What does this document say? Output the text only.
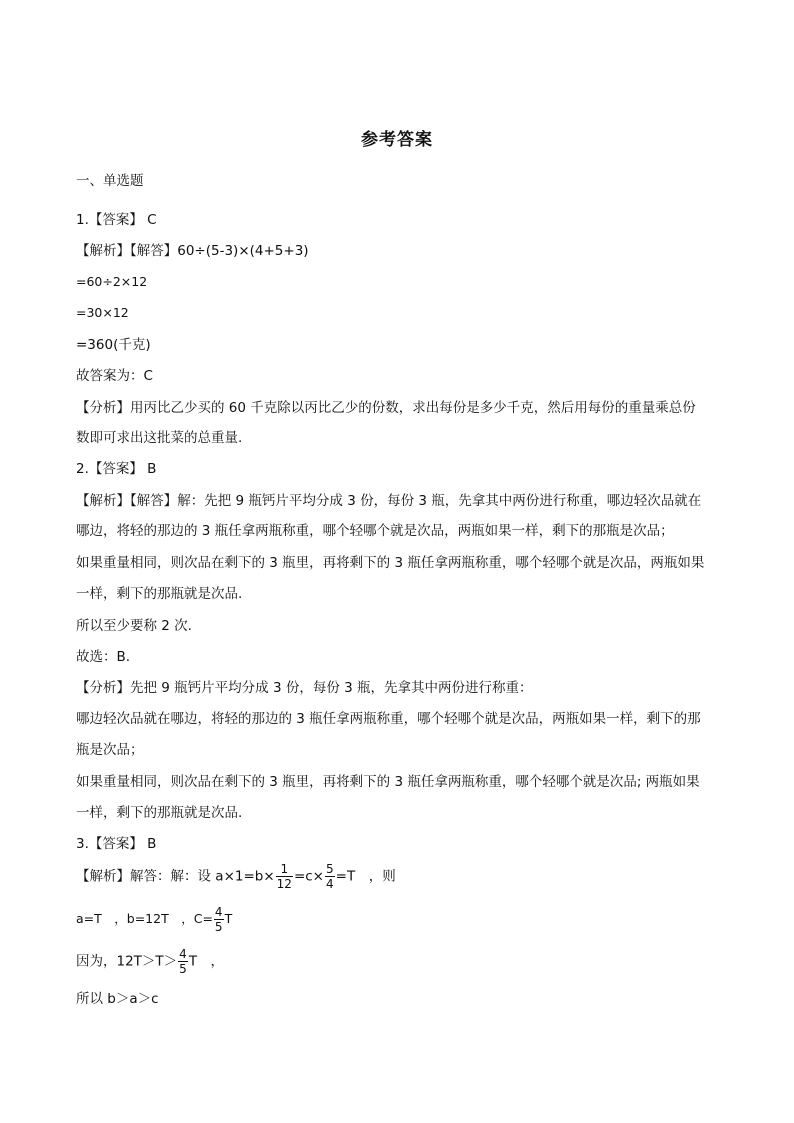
参考答案
一、单选题
1.【答案】 C
【解析】【解答】60÷(5-3)×(4+5+3)
=60÷2×12
=30×12
=360(千克)
故答案为：C
【分析】用丙比乙少买的 60 千克除以丙比乙少的份数，求出每份是多少千克，然后用每份的重量乘总份
数即可求出这批菜的总重量.
2.【答案】 B
【解析】【解答】解：先把 9 瓶钙片平均分成 3 份，每份 3 瓶，先拿其中两份进行称重，哪边轻次品就在
哪边，将轻的那边的 3 瓶任拿两瓶称重，哪个轻哪个就是次品，两瓶如果一样，剩下的那瓶是次品；
如果重量相同，则次品在剩下的 3 瓶里，再将剩下的 3 瓶任拿两瓶称重，哪个轻哪个就是次品，两瓶如果
一样，剩下的那瓶就是次品.
所以至少要称 2 次.
故选：B.
【分析】先把 9 瓶钙片平均分成 3 份，每份 3 瓶，先拿其中两份进行称重：
哪边轻次品就在哪边，将轻的那边的 3 瓶任拿两瓶称重，哪个轻哪个就是次品，两瓶如果一样，剩下的那
瓶是次品；
如果重量相同，则次品在剩下的 3 瓶里，再将剩下的 3 瓶任拿两瓶称重，哪个轻哪个就是次品; 两瓶如果
一样，剩下的那瓶就是次品.
3.【答案】 B
【解析】解答：解：设 $a\times 1=b\times \frac{1}{12} =c\times \frac{5}{4} =T$　，则
a=T　，b=12T　，$C= \frac{4}{5}$ T
因为，$12T>T> \frac{4}{5}$ T　，
所以 b＞a＞c
